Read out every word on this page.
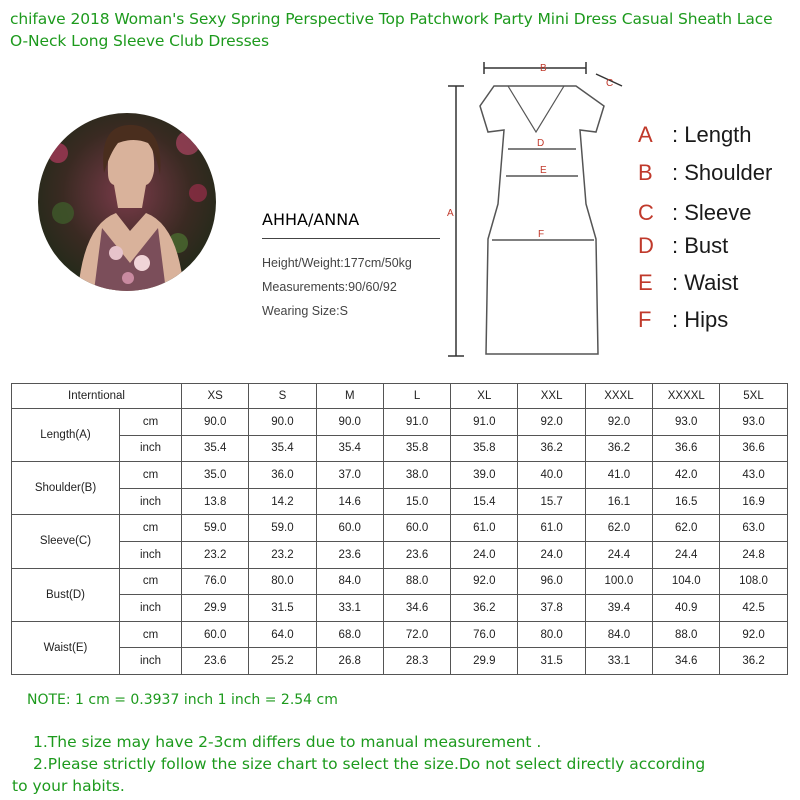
chifave 2018 Woman's Sexy Spring Perspective Top Patchwork Party Mini Dress Casual Sheath Lace O-Neck Long Sleeve Club Dresses
AHHA/ANNA
Height/Weight:177cm/50kg
Measurements:90/60/92
Wearing Size:S
A
B
C
D
E
F
A : Length
B : Shoulder
C : Sleeve
D : Bust
E : Waist
F : Hips
Interntional		XS	S	M	L	XL	XXL	XXXL	XXXXL	5XL
Length(A)	cm	90.0	90.0	90.0	91.0	91.0	92.0	92.0	93.0	93.0
	inch	35.4	35.4	35.4	35.8	35.8	36.2	36.2	36.6	36.6
Shoulder(B)	cm	35.0	36.0	37.0	38.0	39.0	40.0	41.0	42.0	43.0
	inch	13.8	14.2	14.6	15.0	15.4	15.7	16.1	16.5	16.9
Sleeve(C)	cm	59.0	59.0	60.0	60.0	61.0	61.0	62.0	62.0	63.0
	inch	23.2	23.2	23.6	23.6	24.0	24.0	24.4	24.4	24.8
Bust(D)	cm	76.0	80.0	84.0	88.0	92.0	96.0	100.0	104.0	108.0
	inch	29.9	31.5	33.1	34.6	36.2	37.8	39.4	40.9	42.5
Waist(E)	cm	60.0	64.0	68.0	72.0	76.0	80.0	84.0	88.0	92.0
	inch	23.6	25.2	26.8	28.3	29.9	31.5	33.1	34.6	36.2
NOTE: 1 cm = 0.3937 inch 1 inch = 2.54 cm
1.The size may have 2-3cm differs due to manual measurement .
2.Please strictly follow the size chart to select the size.Do not select directly according
to your habits.
